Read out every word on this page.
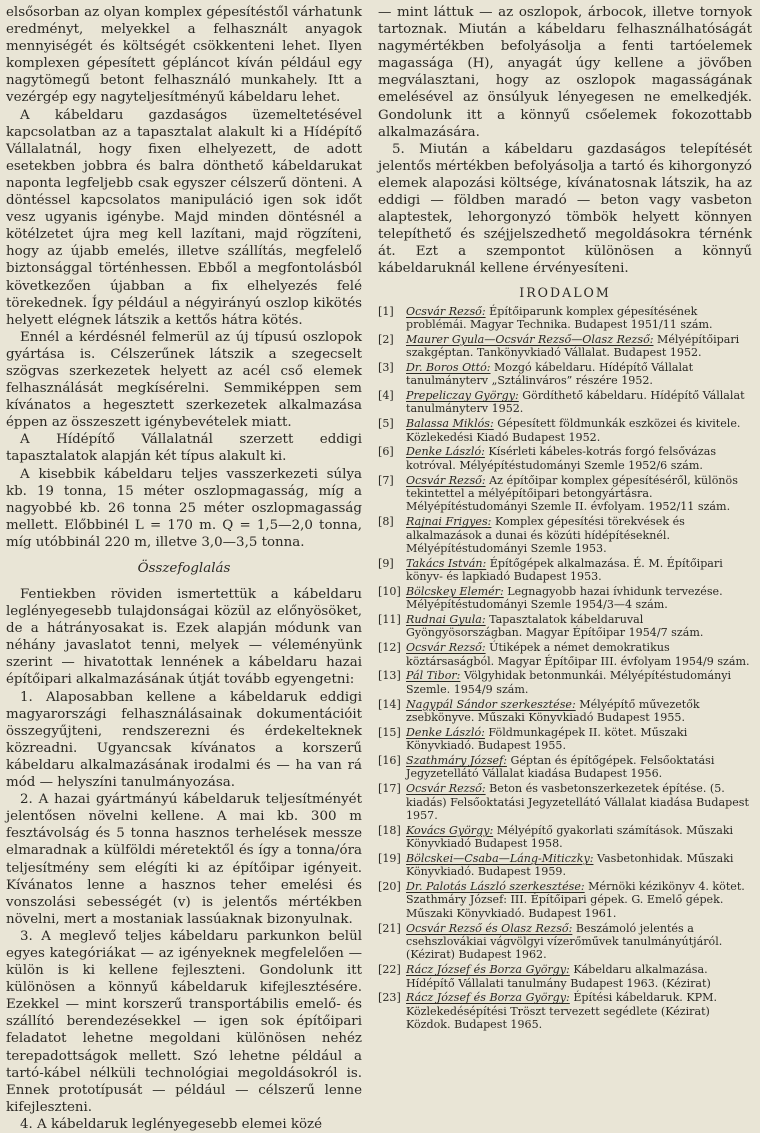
elsősorban az olyan komplex gépesítéstől várhatunk eredményt, melyekkel a felhasznált anyagok mennyiségét és költségét csökkenteni lehet. Ilyen komplexen gépesített gépláncot kíván például egy nagytömegű betont felhasználó munkahely. Itt a vezérgép egy nagyteljesítményű kábeldaru lehet.

A kábeldaru gazdaságos üzemeltetésével kapcsolatban az a tapasztalat alakult ki a Hídépítő Vállalatnál, hogy fixen elhelyezett, de adott esetekben jobbra és balra dönthető kábeldarukat naponta legfeljebb csak egyszer célszerű dönteni. A döntéssel kapcsolatos manipuláció igen sok időt vesz ugyanis igénybe. Majd minden döntésnél a kötélzetet újra meg kell lazítani, majd rögzíteni, hogy az újabb emelés, illetve szállítás, megfelelő biztonsággal történhessen. Ebből a megfontolásból következően újabban a fix elhelyezés felé törekednek. Így például a négyirányú oszlop kikötés helyett elégnek látszik a kettős hátra kötés.

Ennél a kérdésnél felmerül az új típusú oszlopok gyártása is. Célszerűnek látszik a szegecselt szögvas szerkezetek helyett az acél cső elemek felhasználását megkísérelni. Semmiképpen sem kívánatos a hegesztett szerkezetek alkalmazása éppen az összeszett igénybevételek miatt.

A Hídépítő Vállalatnál szerzett eddigi tapasztalatok alapján két típus alakult ki.

A kisebbik kábeldaru teljes vasszerkezeti súlya kb. 19 tonna, 15 méter oszlopmagasság, míg a nagyobbé kb. 26 tonna 25 méter oszlopmagasság mellett. Előbbinél L = 170 m. Q = 1,5—2,0 tonna, míg utóbbinál 220 m, illetve 3,0—3,5 tonna.

Összefoglalás

Fentiekben röviden ismertettük a kábeldaru leglényegesebb tulajdonságai közül az előnyösöket, de a hátrányosakat is. Ezek alapján módunk van néhány javaslatot tenni, melyek — véleményünk szerint — hivatottak lennének a kábeldaru hazai építőipari alkalmazásának útját tovább egyengetni:

1. Alaposabban kellene a kábeldaruk eddigi magyarországi felhasználásainak dokumentációit összegyűjteni, rendszerezni és érdekelteknek közreadni. Ugyancsak kívánatos a korszerű kábeldaru alkalmazásának irodalmi és — ha van rá mód — helyszíni tanulmányozása.

2. A hazai gyártmányú kábeldaruk teljesítményét jelentősen növelni kellene. A mai kb. 300 m fesztávolság és 5 tonna hasznos terhelések messze elmaradnak a külföldi méretektől és így a tonna/óra teljesítmény sem elégíti ki az építőipar igényeit. Kívánatos lenne a hasznos teher emelési és vonszolási sebességét (v) is jelentős mértékben növelni, mert a mostaniak lassúaknak bizonyulnak.

3. A meglevő teljes kábeldaru parkunkon belül egyes kategóriákat — az igényeknek megfelelően — külön is ki kellene fejleszteni. Gondolunk itt különösen a könnyű kábeldaruk kifejlesztésére. Ezekkel — mint korszerű transportábilis emelő- és szállító berendezésekkel — igen sok építőipari feladatot lehetne megoldani különösen nehéz terepadottságok mellett. Szó lehetne például a tartó-kábel nélküli technológiai megoldásokról is. Ennek prototípusát — például — célszerű lenne kifejleszteni.

4. A kábeldaruk leglényegesebb elemei közé

— mint láttuk — az oszlopok, árbocok, illetve tornyok tartoznak. Miután a kábeldaru felhasználhatóságát nagymértékben befolyásolja a fenti tartóelemek magassága (H), anyagát úgy kellene a jövőben megválasztani, hogy az oszlopok magasságának emelésével az önsúlyuk lényegesen ne emelkedjék. Gondolunk itt a könnyű csőelemek fokozottabb alkalmazására.

5. Miután a kábeldaru gazdaságos telepítését jelentős mértékben befolyásolja a tartó és kihorgonyzó elemek alapozási költsége, kívánatosnak látszik, ha az eddigi — földben maradó — beton vagy vasbeton alaptestek, lehorgonyzó tömbök helyett könnyen telepíthető és széjjelszedhető megoldásokra térnénk át. Ezt a szempontot különösen a könnyű kábeldaruknál kellene érvényesíteni.

IRODALOM
[1]	Ocsvár Rezső: Építőiparunk komplex gépesítésének problémái. Magyar Technika. Budapest 1951/11 szám.
[2]	Maurer Gyula—Ocsvár Rezső—Olasz Rezső: Mélyépítőipari szakgéptan. Tankönyvkiadó Vállalat. Budapest 1952.
[3]	Dr. Boros Ottó: Mozgó kábeldaru. Hídépítő Vállalat tanulmányterv „Sztálinváros” részére 1952.
[4]	Prepeliczay György: Gördíthető kábeldaru. Hídépítő Vállalat tanulmányterv 1952.
[5]	Balassa Miklós: Gépesített földmunkák eszközei és kivitele. Közlekedési Kiadó Budapest 1952.
[6]	Denke László: Kísérleti kábeles-kotrás forgó felsővázas kotróval. Mélyépítéstudományi Szemle 1952/6 szám.
[7]	Ocsvár Rezső: Az építőipar komplex gépesítéséről, különös tekintettel a mélyépítőipari betongyártásra. Mélyépítéstudományi Szemle II. évfolyam. 1952/11 szám.
[8]	Rajnai Frigyes: Komplex gépesítési törekvések és alkalmazások a dunai és közúti hídépítéseknél. Mélyépítéstudományi Szemle 1953.
[9]	Takács István: Építőgépek alkalmazása. É. M. Építőipari könyv- és lapkiadó Budapest 1953.
[10] Bölcskey Elemér: Legnagyobb hazai ívhidunk tervezése. Mélyépítéstudományi Szemle 1954/3—4 szám.
[11] Rudnai Gyula: Tapasztalatok kábeldaruval Gyöngyösországban. Magyar Építőipar 1954/7 szám.
[12] Ocsvár Rezső: Útiképek a német demokratikus köztársaságból. Magyar Építőipar III. évfolyam 1954/9 szám.
[13] Pál Tibor: Völgyhidak betonmunkái. Mélyépítéstudományi Szemle. 1954/9 szám.
[14] Nagypál Sándor szerkesztése: Mélyépítő művezetők zsebkönyve. Műszaki Könyvkiadó Budapest 1955.
[15] Denke László: Földmunkagépek II. kötet. Műszaki Könyvkiadó. Budapest 1955.
[16] Szathmáry József: Géptan és építőgépek. Felsőoktatási Jegyzetellátó Vállalat kiadása Budapest 1956.
[17] Ocsvár Rezső: Beton és vasbetonszerkezetek építése. (5. kiadás) Felsőoktatási Jegyzetellátó Vállalat kiadása Budapest 1957.
[18] Kovács György: Mélyépítő gyakorlati számítások. Műszaki Könyvkiadó Budapest 1958.
[19] Bölcskei—Csaba—Láng-Miticzky: Vasbetonhidak. Műszaki Könyvkiadó. Budapest 1959.
[20] Dr. Palotás László szerkesztése: Mérnöki kézikönyv 4. kötet. Szathmáry József: III. Építőipari gépek. G. Emelő gépek. Műszaki Könyvkiadó. Budapest 1961.
[21] Ocsvár Rezső és Olasz Rezső: Beszámoló jelentés a csehszlovákiai vágvölgyi vízerőművek tanulmányútjáról. (Kézirat) Budapest 1962.
[22] Rácz József és Borza György: Kábeldaru alkalmazása. Hídépítő Vállalati tanulmány Budapest 1963. (Kézirat)
[23] Rácz József és Borza György: Építési kábeldaruk. KPM. Közlekedésépítési Tröszt tervezett segédlete (Kézirat) Közdok. Budapest 1965.
